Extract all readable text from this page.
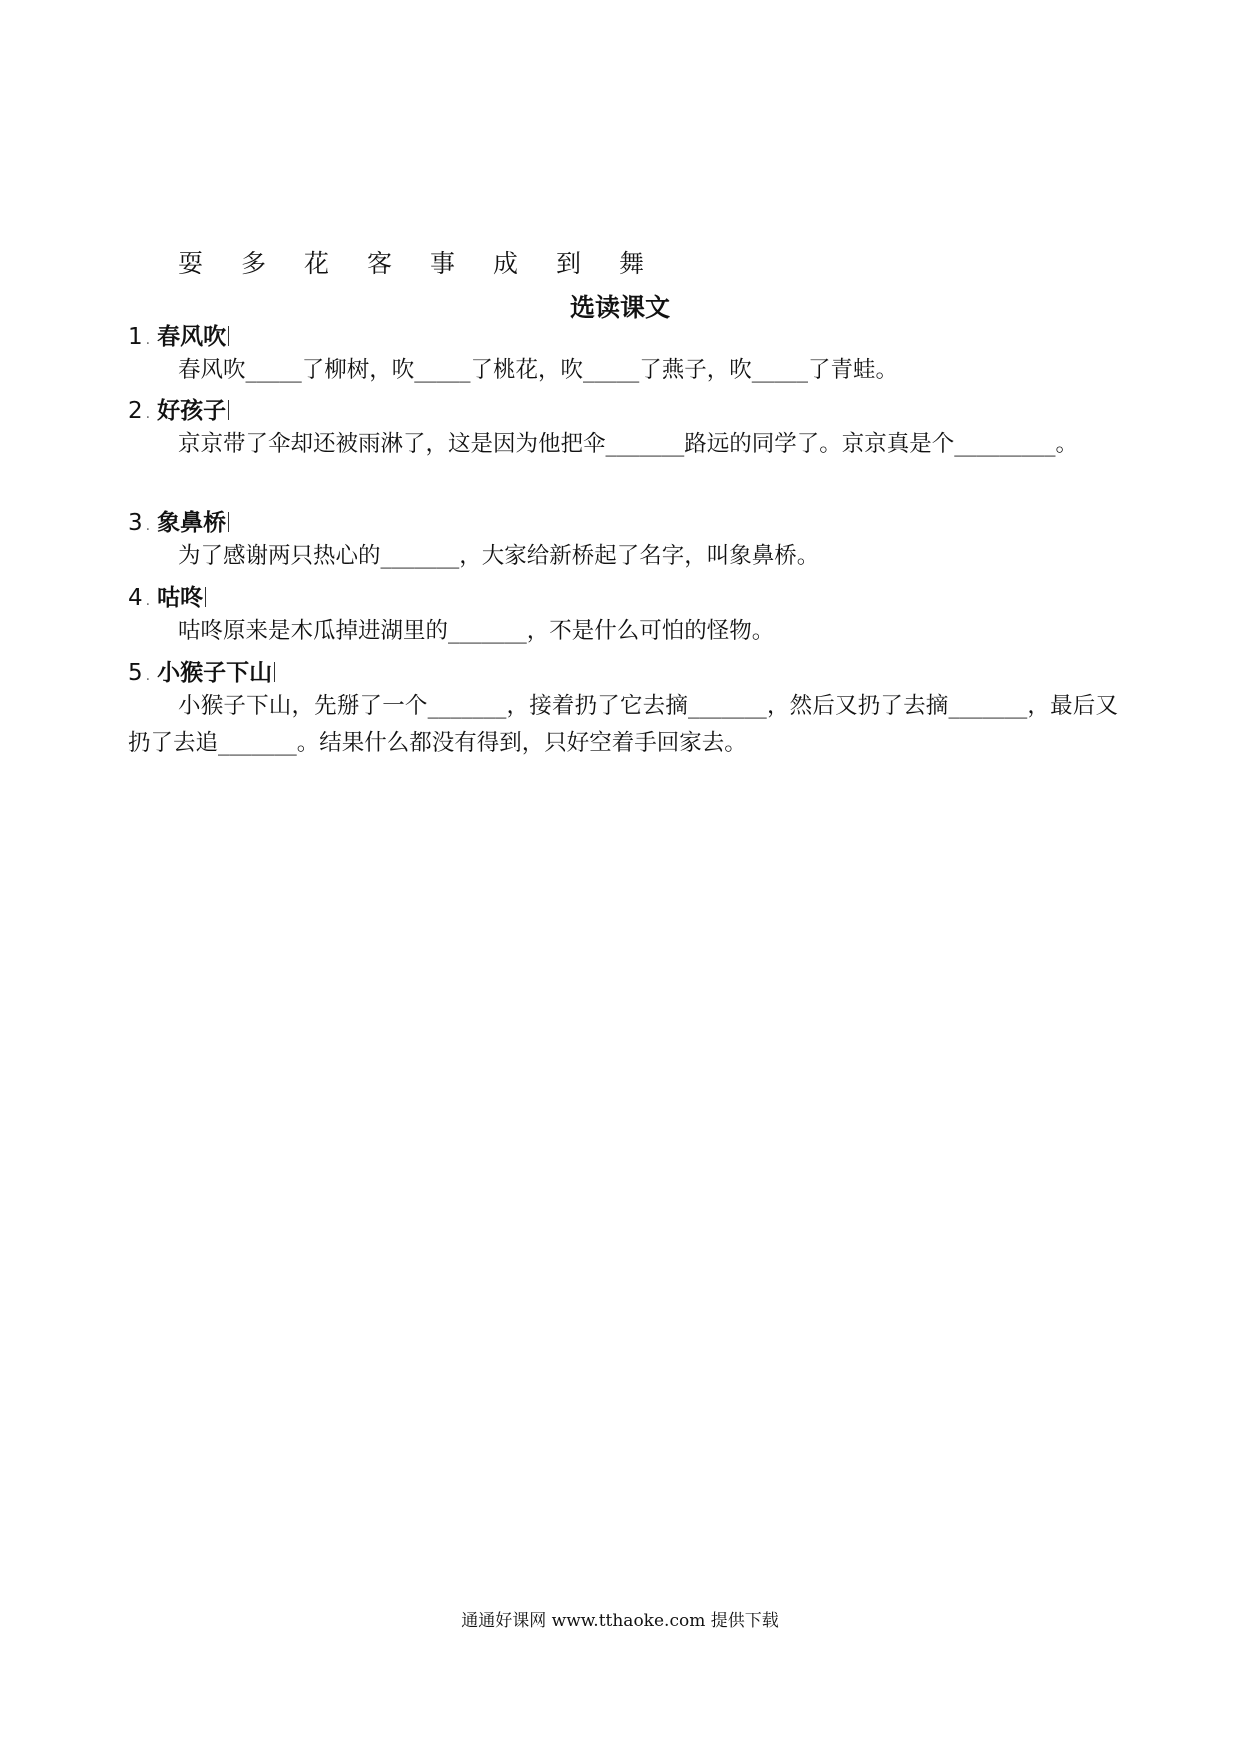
耍	多	花	客	事	成	到	舞
选读课文
1 . 春风吹
春风吹_____了柳树，吹_____了桃花，吹_____了燕子，吹_____了青蛙。
2 . 好孩子
京京带了伞却还被雨淋了，这是因为他把伞_______路远的同学了。京京真是个_________。
3 . 象鼻桥
为了感谢两只热心的_______，大家给新桥起了名字，叫象鼻桥。
4 . 咕咚
咕咚原来是木瓜掉进湖里的_______，不是什么可怕的怪物。
5 . 小猴子下山
小猴子下山，先掰了一个_______，接着扔了它去摘_______，然后又扔了去摘_______，最后又扔了去追_______。结果什么都没有得到，只好空着手回家去。
通通好课网 www.tthaoke.com 提供下载
